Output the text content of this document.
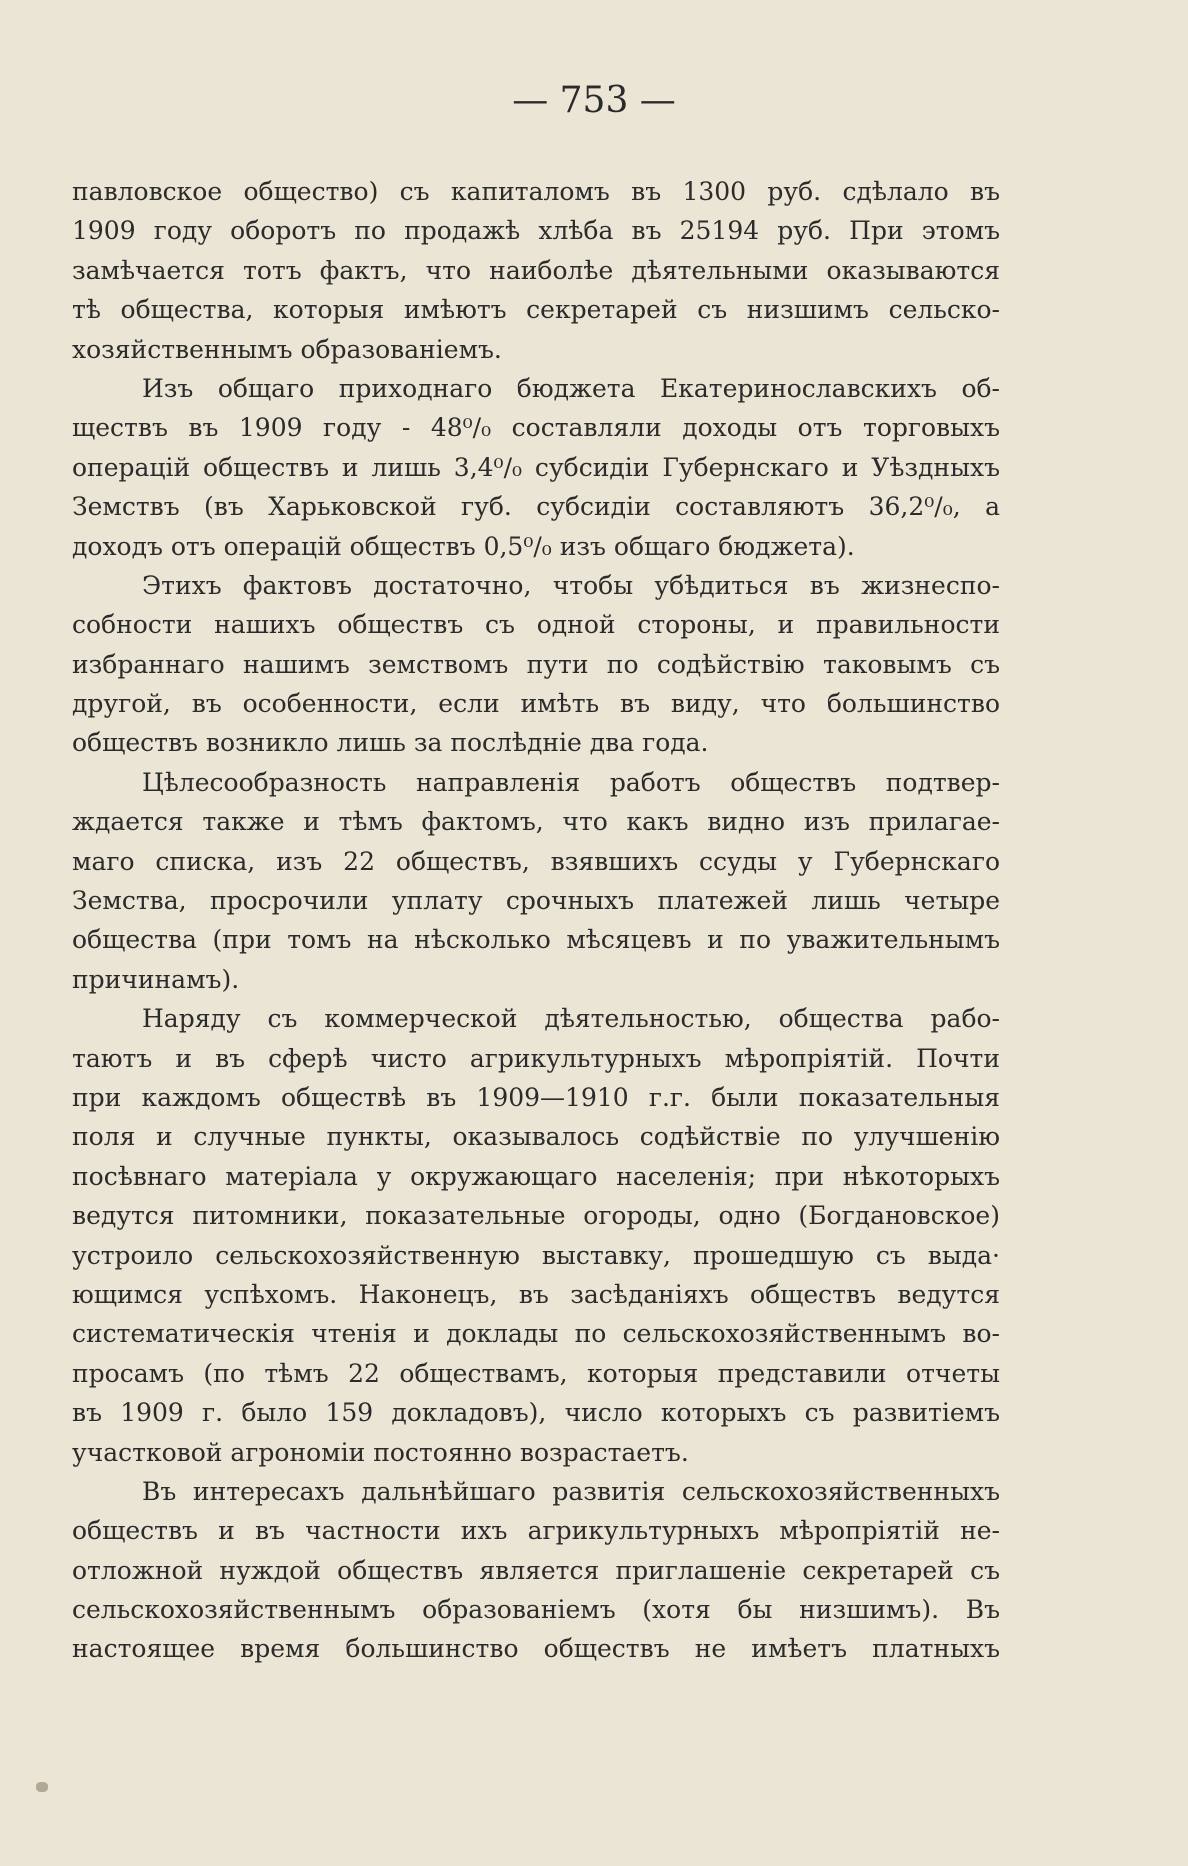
— 753 —
павловское общество) съ капиталомъ въ 1300 руб. сдѣлало въ
1909 году оборотъ по продажѣ хлѣба въ 25194 руб. При этомъ
замѣчается тотъ фактъ, что наиболѣе дѣятельными оказываются
тѣ общества, которыя имѣютъ секретарей съ низшимъ сельско-
хозяйственнымъ образованіемъ.
Изъ общаго приходнаго бюджета Екатеринославскихъ об-
ществъ въ 1909 году - 48⁰/₀ составляли доходы отъ торговыхъ
операцій обществъ и лишь 3,4⁰/₀ субсидіи Губернскаго и Уѣздныхъ
Земствъ (въ Харьковской губ. субсидіи составляютъ 36,2⁰/₀, а
доходъ отъ операцій обществъ 0,5⁰/₀ изъ общаго бюджета).
Этихъ фактовъ достаточно, чтобы убѣдиться въ жизнеспо-
собности нашихъ обществъ съ одной стороны, и правильности
избраннаго нашимъ земствомъ пути по содѣйствію таковымъ съ
другой, въ особенности, если имѣть въ виду, что большинство
обществъ возникло лишь за послѣдніе два года.
Цѣлесообразность направленія работъ обществъ подтвер-
ждается также и тѣмъ фактомъ, что какъ видно изъ прилагае-
маго списка, изъ 22 обществъ, взявшихъ ссуды у Губернскаго
Земства, просрочили уплату срочныхъ платежей лишь четыре
общества (при томъ на нѣсколько мѣсяцевъ и по уважительнымъ
причинамъ).
Наряду съ коммерческой дѣятельностью, общества рабо-
таютъ и въ сферѣ чисто агрикультурныхъ мѣропріятій. Почти
при каждомъ обществѣ въ 1909—1910 г.г. были показательныя
поля и случные пункты, оказывалось содѣйствіе по улучшенію
посѣвнаго матеріала у окружающаго населенія; при нѣкоторыхъ
ведутся питомники, показательные огороды, одно (Богдановское)
устроило сельскохозяйственную выставку, прошедшую съ выда·
ющимся успѣхомъ. Наконецъ, въ засѣданіяхъ обществъ ведутся
систематическія чтенія и доклады по сельскохозяйственнымъ во-
просамъ (по тѣмъ 22 обществамъ, которыя представили отчеты
въ 1909 г. было 159 докладовъ), число которыхъ съ развитіемъ
участковой агрономіи постоянно возрастаетъ.
Въ интересахъ дальнѣйшаго развитія сельскохозяйственныхъ
обществъ и въ частности ихъ агрикультурныхъ мѣропріятій не-
отложной нуждой обществъ является приглашеніе секретарей съ
сельскохозяйственнымъ образованіемъ (хотя бы низшимъ). Въ
настоящее время большинство обществъ не имѣетъ платныхъ
